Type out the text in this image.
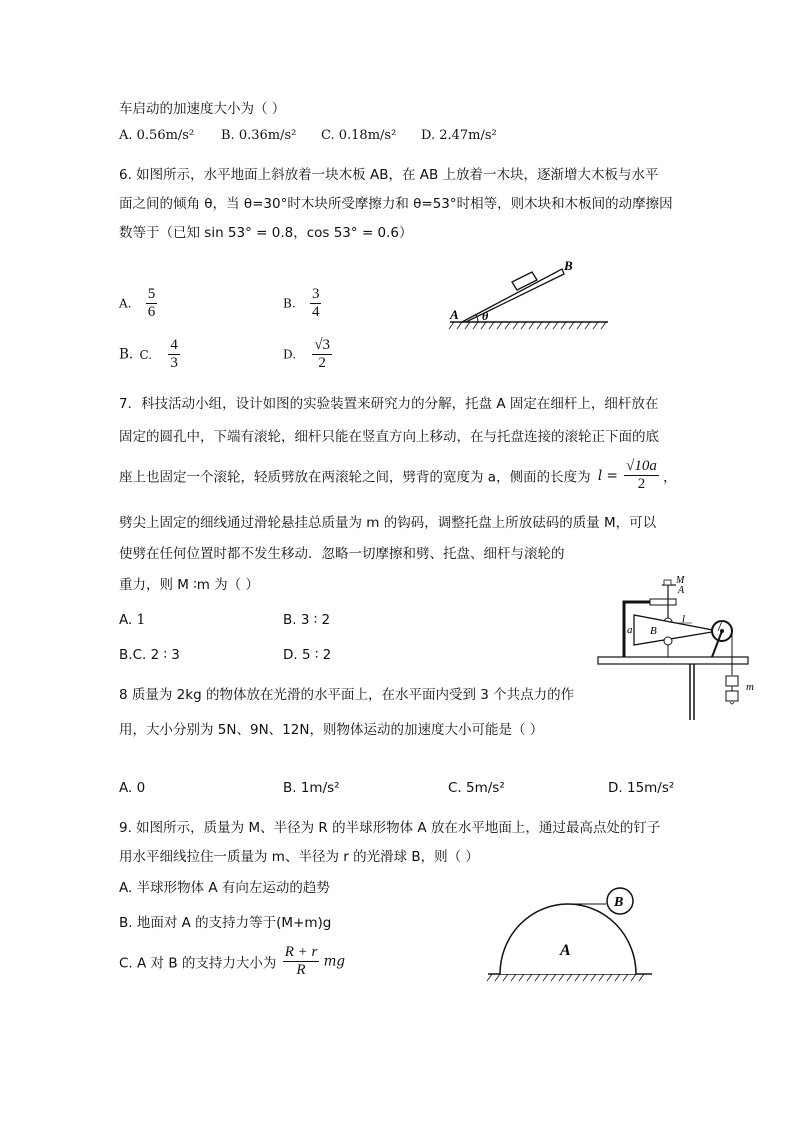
车启动的加速度大小为（ ）
A. 0.56m/s² B. 0.36m/s² C. 0.18m/s² D. 2.47m/s²
6. 如图所示，水平地面上斜放着一块木板 AB，在 AB 上放着一木块，逐渐增大木板与水平
面之间的倾角 θ，当 θ=30°时木块所受摩擦力和 θ=53°时相等，则木块和木板间的动摩擦因
数等于（已知 sin 53° = 0.8，cos 53° = 0.6）
A. $\frac{5}{6}$	B. $\frac{3}{4}$
B. C. $\frac{4}{3}$	D. $\frac{√3}{2}$
A
B
θ
7．科技活动小组，设计如图的实验装置来研究力的分解，托盘 A 固定在细杆上，细杆放在
固定的圆孔中，下端有滚轮，细杆只能在竖直方向上移动，在与托盘连接的滚轮正下面的底
座上也固定一个滚轮，轻质劈放在两滚轮之间，劈背的宽度为 a，侧面的长度为 $l = \frac{√10a}{2}$ ，
劈尖上固定的细线通过滑轮悬挂总质量为 m 的钩码，调整托盘上所放砝码的质量 M，可以
使劈在任何位置时都不发生移动．忽略一切摩擦和劈、托盘、细杆与滚轮的
重力，则 M ∶m 为（ ）
A. 1	B. 3 ∶ 2
B.C. 2 ∶ 3	D. 5 ∶ 2
M
A
a B
l
m
8 质量为 2kg 的物体放在光滑的水平面上，在水平面内受到 3 个共点力的作
用，大小分别为 5N、9N、12N，则物体运动的加速度大小可能是（ ）
A. 0	B. 1m/s²	C. 5m/s²	D. 15m/s²
9. 如图所示，质量为 M、半径为 R 的半球形物体 A 放在水平地面上，通过最高点处的钉子
用水平细线拉住一质量为 m、半径为 r 的光滑球 B，则（ ）
A. 半球形物体 A 有向左运动的趋势
B. 地面对 A 的支持力等于(M+m)g
C. A 对 B 的支持力大小为 $\frac{R + r}{R}$ mg
A
B
